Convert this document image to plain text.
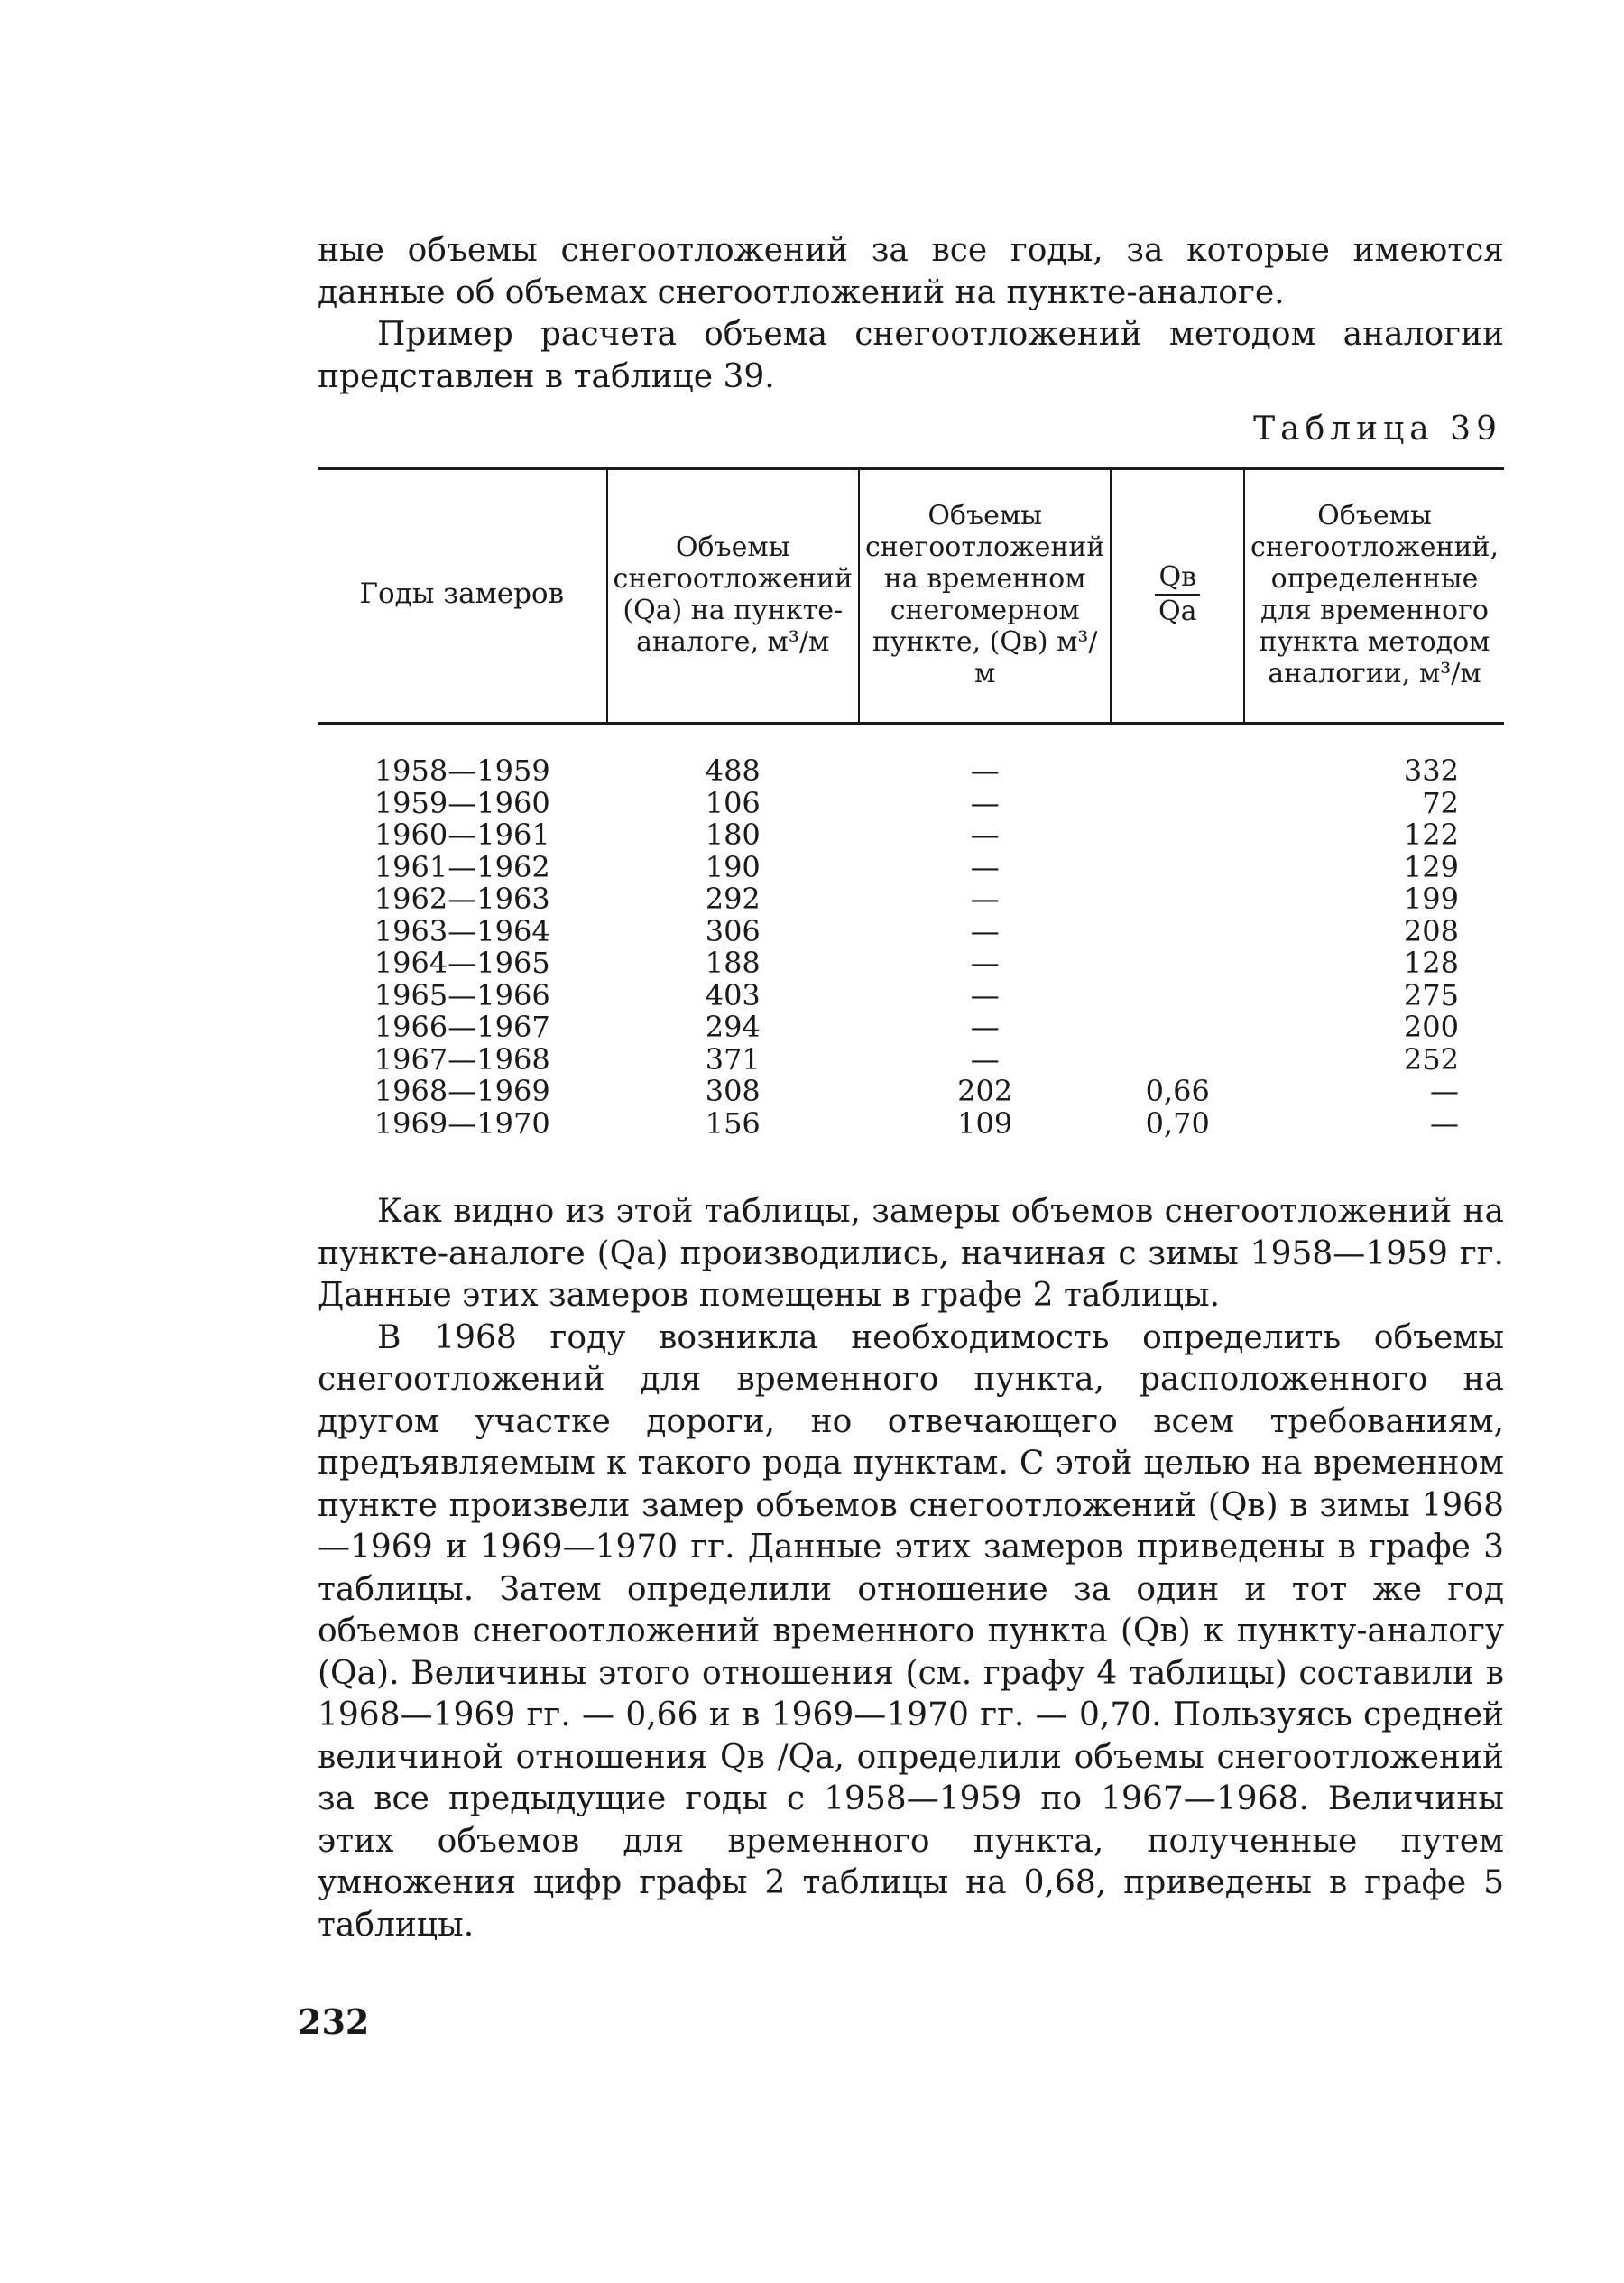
ные объемы снегоотложений за все годы, за которые имеются данные об объемах снегоотложений на пункте-аналоге.

Пример расчета объема снегоотложений методом аналогии представлен в таблице 39.

Таблица 39

Годы замеров	Объемы снегоотложений (Qa) на пункте-аналоге, м³/м	Объемы снегоотложений на временном снегомерном пункте, (Qв) м³/м	$\frac{Qв}{Qa}$	Объемы снегоотложений, определенные для временного пункта методом аналогии, м³/м

1958—1959	488	—		332
1959—1960	106	—		72
1960—1961	180	—		122
1961—1962	190	—		129
1962—1963	292	—		199
1963—1964	306	—		208
1964—1965	188	—		128
1965—1966	403	—		275
1966—1967	294	—		200
1967—1968	371	—		252
1968—1969	308	202	0,66	—
1969—1970	156	109	0,70	—

Как видно из этой таблицы, замеры объемов снегоотложений на пункте-аналоге (Qa) производились, начиная с зимы 1958—1959 гг. Данные этих замеров помещены в графе 2 таблицы.

В 1968 году возникла необходимость определить объемы снегоотложений для временного пункта, расположенного на другом участке дороги, но отвечающего всем требованиям, предъявляемым к такого рода пунктам. С этой целью на временном пункте произвели замер объемов снегоотложений (Qв) в зимы 1968—1969 и 1969—1970 гг. Данные этих замеров приведены в графе 3 таблицы. Затем определили отношение за один и тот же год объемов снегоотложений временного пункта (Qв) к пункту-аналогу (Qa). Величины этого отношения (см. графу 4 таблицы) составили в 1968—1969 гг. — 0,66 и в 1969—1970 гг. — 0,70. Пользуясь средней величиной отношения Qв /Qa, определили объемы снегоотложений за все предыдущие годы с 1958—1959 по 1967—1968. Величины этих объемов для временного пункта, полученные путем умножения цифр графы 2 таблицы на 0,68, приведены в графе 5 таблицы.

232
